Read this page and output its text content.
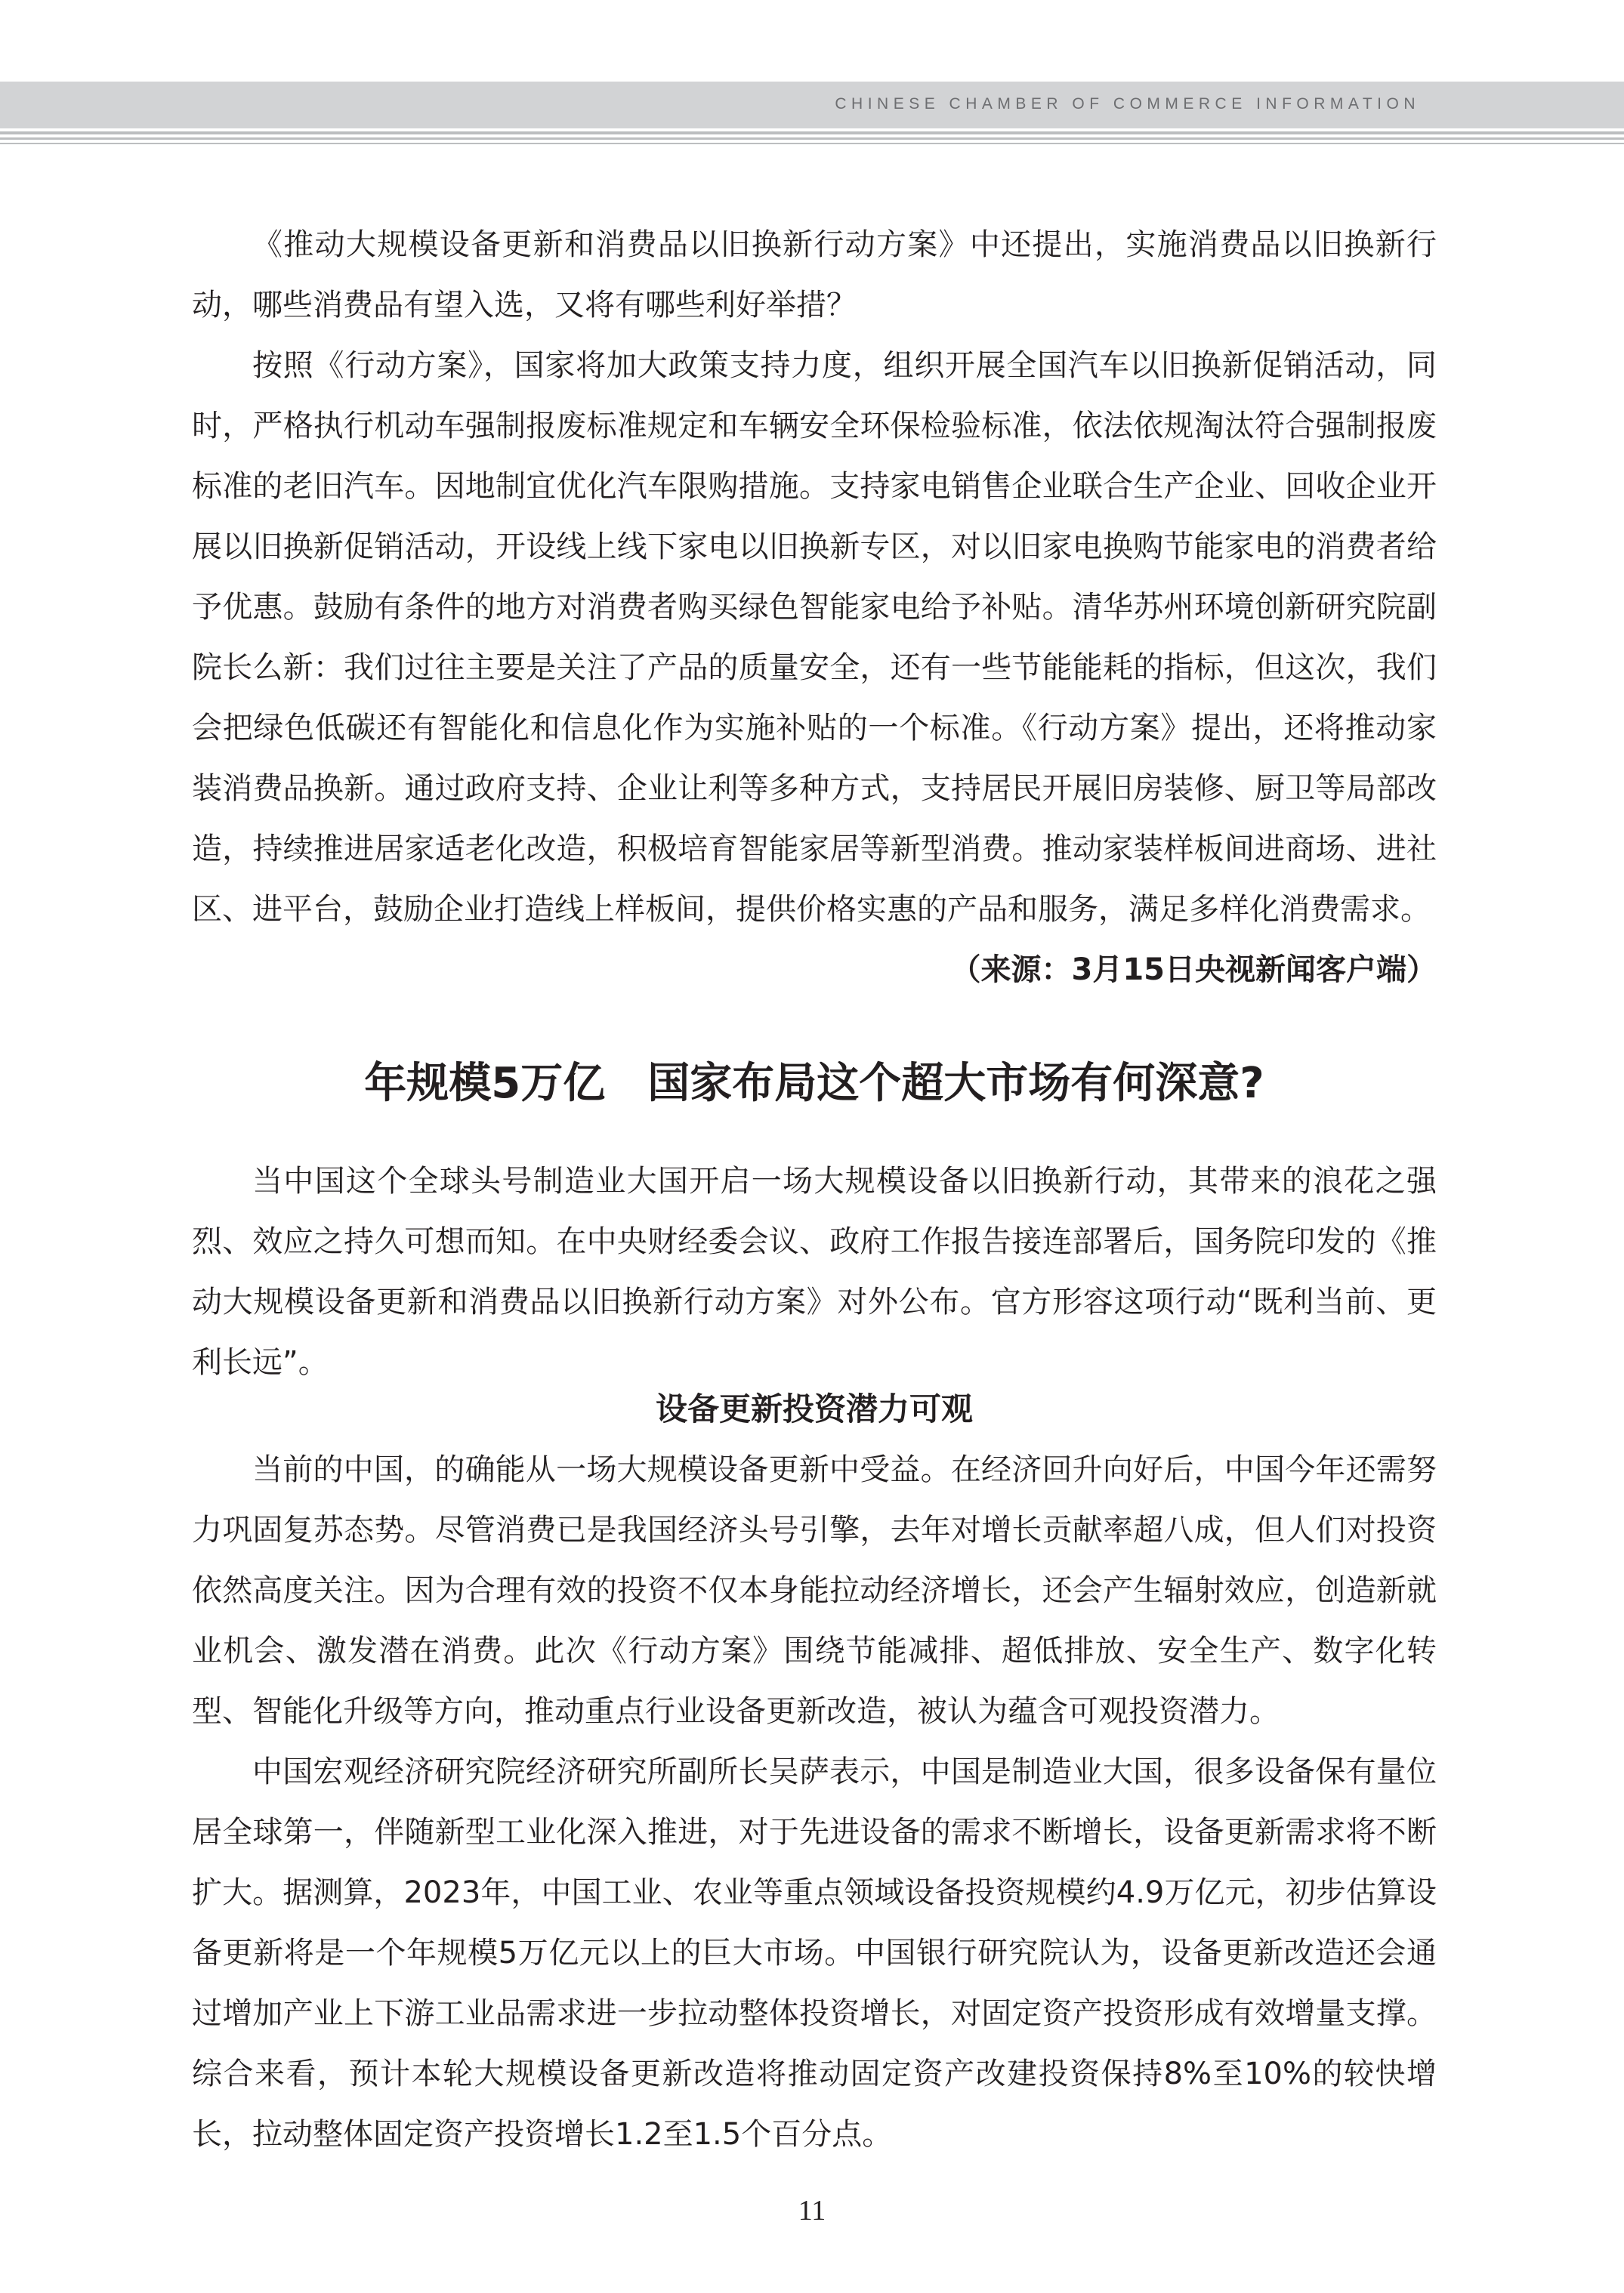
CHINESE CHAMBER OF COMMERCE INFORMATION

《推动大规模设备更新和消费品以旧换新行动方案》中还提出，实施消费品以旧换新行动，哪些消费品有望入选，又将有哪些利好举措？

按照《行动方案》，国家将加大政策支持力度，组织开展全国汽车以旧换新促销活动，同时，严格执行机动车强制报废标准规定和车辆安全环保检验标准，依法依规淘汰符合强制报废标准的老旧汽车。因地制宜优化汽车限购措施。支持家电销售企业联合生产企业、回收企业开展以旧换新促销活动，开设线上线下家电以旧换新专区，对以旧家电换购节能家电的消费者给予优惠。鼓励有条件的地方对消费者购买绿色智能家电给予补贴。清华苏州环境创新研究院副院长么新：我们过往主要是关注了产品的质量安全，还有一些节能能耗的指标，但这次，我们会把绿色低碳还有智能化和信息化作为实施补贴的一个标准。《行动方案》提出，还将推动家装消费品换新。通过政府支持、企业让利等多种方式，支持居民开展旧房装修、厨卫等局部改造，持续推进居家适老化改造，积极培育智能家居等新型消费。推动家装样板间进商场、进社区、进平台，鼓励企业打造线上样板间，提供价格实惠的产品和服务，满足多样化消费需求。
（来源：3月15日央视新闻客户端）

年规模5万亿　国家布局这个超大市场有何深意?

当中国这个全球头号制造业大国开启一场大规模设备以旧换新行动，其带来的浪花之强烈、效应之持久可想而知。在中央财经委会议、政府工作报告接连部署后，国务院印发的《推动大规模设备更新和消费品以旧换新行动方案》对外公布。官方形容这项行动“既利当前、更利长远”。

设备更新投资潜力可观

当前的中国，的确能从一场大规模设备更新中受益。在经济回升向好后，中国今年还需努力巩固复苏态势。尽管消费已是我国经济头号引擎，去年对增长贡献率超八成，但人们对投资依然高度关注。因为合理有效的投资不仅本身能拉动经济增长，还会产生辐射效应，创造新就业机会、激发潜在消费。此次《行动方案》围绕节能减排、超低排放、安全生产、数字化转型、智能化升级等方向，推动重点行业设备更新改造，被认为蕴含可观投资潜力。

中国宏观经济研究院经济研究所副所长吴萨表示，中国是制造业大国，很多设备保有量位居全球第一，伴随新型工业化深入推进，对于先进设备的需求不断增长，设备更新需求将不断扩大。据测算，2023年，中国工业、农业等重点领域设备投资规模约4.9万亿元，初步估算设备更新将是一个年规模5万亿元以上的巨大市场。中国银行研究院认为，设备更新改造还会通过增加产业上下游工业品需求进一步拉动整体投资增长，对固定资产投资形成有效增量支撑。综合来看，预计本轮大规模设备更新改造将推动固定资产改建投资保持8%至10%的较快增长，拉动整体固定资产投资增长1.2至1.5个百分点。

11
